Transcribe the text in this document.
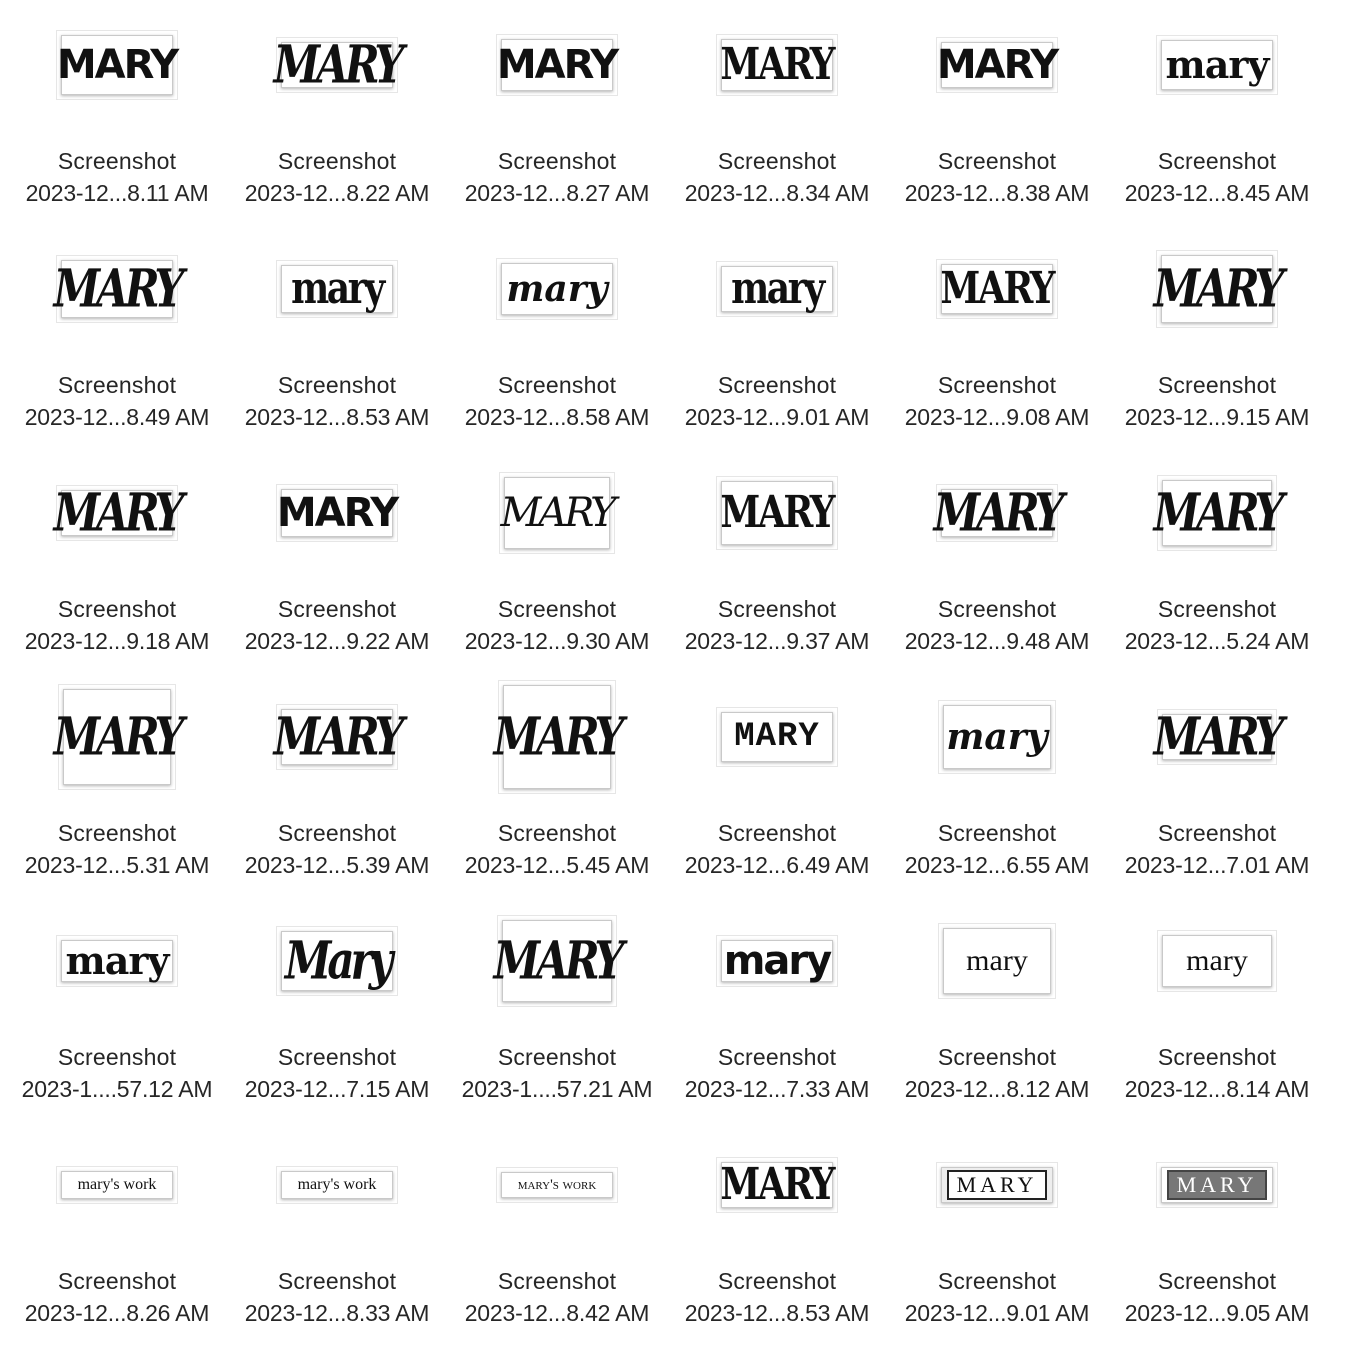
MARY
Screenshot
2023-12...8.11 AM
MARY
Screenshot
2023-12...8.22 AM
MARY
Screenshot
2023-12...8.27 AM
MARY
Screenshot
2023-12...8.34 AM
MARY
Screenshot
2023-12...8.38 AM
mary
Screenshot
2023-12...8.45 AM
MARY
Screenshot
2023-12...8.49 AM
mary
Screenshot
2023-12...8.53 AM
mary
Screenshot
2023-12...8.58 AM
mary
Screenshot
2023-12...9.01 AM
MARY
Screenshot
2023-12...9.08 AM
MARY
Screenshot
2023-12...9.15 AM
MARY
Screenshot
2023-12...9.18 AM
MARY
Screenshot
2023-12...9.22 AM
MARY
Screenshot
2023-12...9.30 AM
MARY
Screenshot
2023-12...9.37 AM
MARY
Screenshot
2023-12...9.48 AM
MARY
Screenshot
2023-12...5.24 AM
MARY
Screenshot
2023-12...5.31 AM
MARY
Screenshot
2023-12...5.39 AM
MARY
Screenshot
2023-12...5.45 AM
MARY
Screenshot
2023-12...6.49 AM
mary
Screenshot
2023-12...6.55 AM
MARY
Screenshot
2023-12...7.01 AM
mary
Screenshot
2023-1....57.12 AM
Mary
Screenshot
2023-12...7.15 AM
MARY
Screenshot
2023-1....57.21 AM
mary
Screenshot
2023-12...7.33 AM
mary
Screenshot
2023-12...8.12 AM
mary
Screenshot
2023-12...8.14 AM
mary's work
Screenshot
2023-12...8.26 AM
mary's work
Screenshot
2023-12...8.33 AM
mary's work
Screenshot
2023-12...8.42 AM
MARY
Screenshot
2023-12...8.53 AM
MARY
Screenshot
2023-12...9.01 AM
MARY
Screenshot
2023-12...9.05 AM
